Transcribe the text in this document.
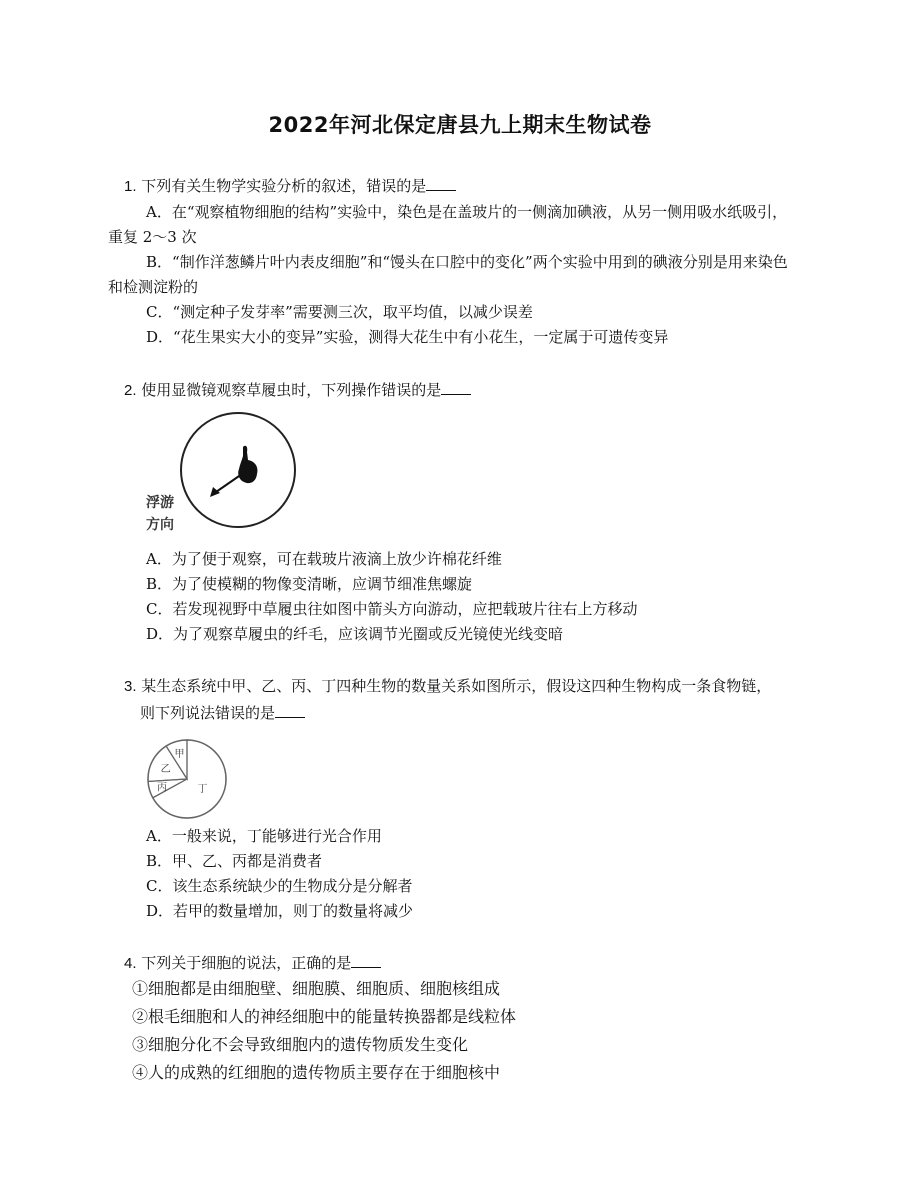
2022年河北保定唐县九上期末生物试卷
1. 下列有关生物学实验分析的叙述，错误的是
A．在“观察植物细胞的结构”实验中，染色是在盖玻片的一侧滴加碘液，从另一侧用吸水纸吸引，
重复 2～3 次
B．“制作洋葱鳞片叶内表皮细胞”和“馒头在口腔中的变化”两个实验中用到的碘液分别是用来染色
和检测淀粉的
C．“测定种子发芽率”需要测三次，取平均值，以减少误差
D．“花生果实大小的变异”实验，测得大花生中有小花生，一定属于可遗传变异
2. 使用显微镜观察草履虫时，下列操作错误的是
浮游
方向
A．为了便于观察，可在载玻片液滴上放少许棉花纤维
B．为了使模糊的物像变清晰，应调节细准焦螺旋
C．若发现视野中草履虫往如图中箭头方向游动，应把载玻片往右上方移动
D．为了观察草履虫的纤毛，应该调节光圈或反光镜使光线变暗
3. 某生态系统中甲、乙、丙、丁四种生物的数量关系如图所示，假设这四种生物构成一条食物链，
则下列说法错误的是
甲
乙
丙	丁
A．一般来说，丁能够进行光合作用
B．甲、乙、丙都是消费者
C．该生态系统缺少的生物成分是分解者
D．若甲的数量增加，则丁的数量将减少
4. 下列关于细胞的说法，正确的是
①细胞都是由细胞壁、细胞膜、细胞质、细胞核组成
②根毛细胞和人的神经细胞中的能量转换器都是线粒体
③细胞分化不会导致细胞内的遗传物质发生变化
④人的成熟的红细胞的遗传物质主要存在于细胞核中
